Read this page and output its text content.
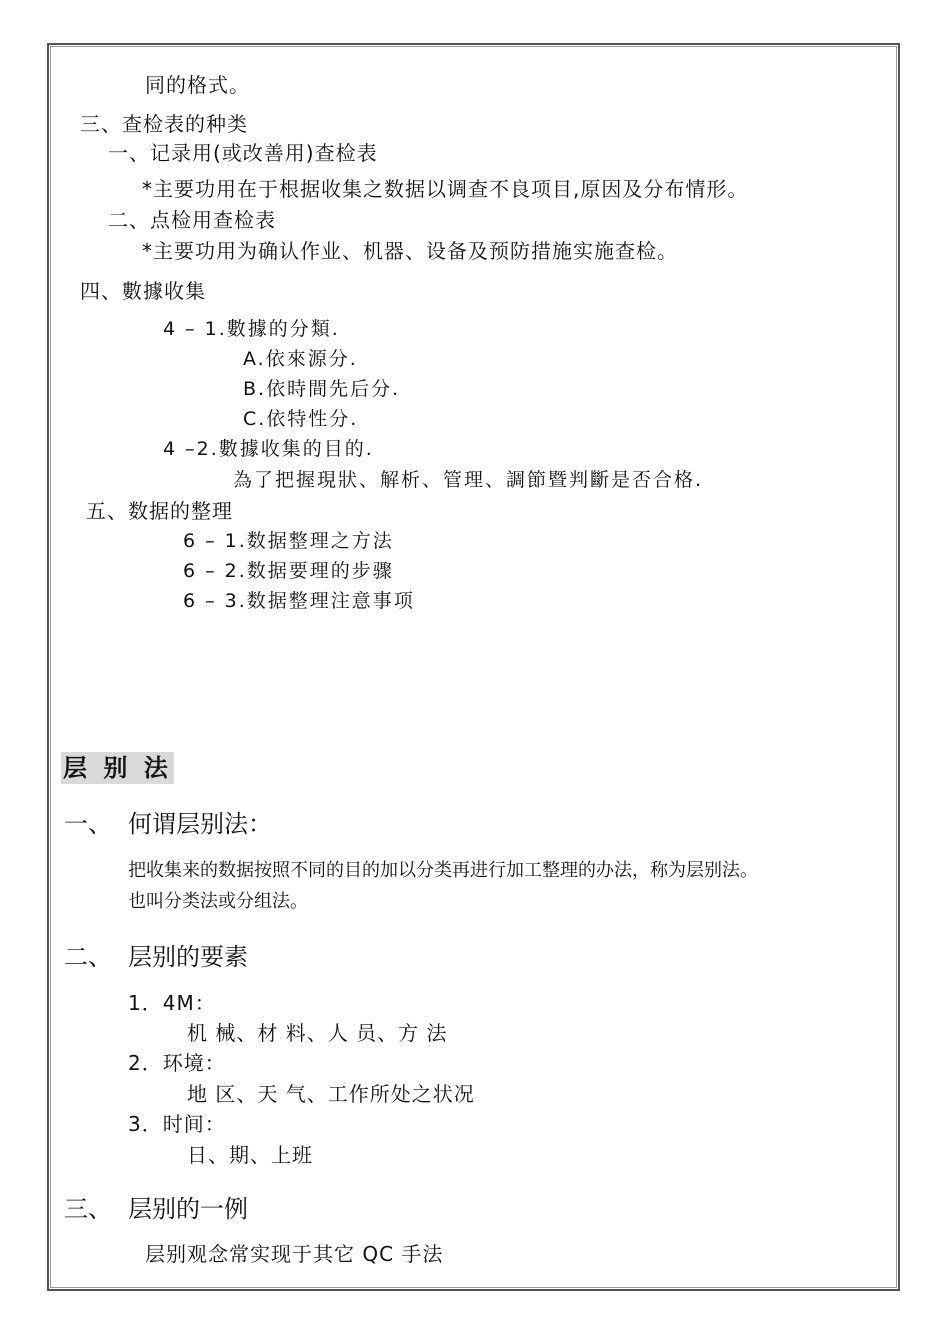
同的格式。
三、查检表的种类
一、记录用(或改善用)查检表
*主要功用在于根据收集之数据以调查不良项目,原因及分布情形。
二、点检用查检表
*主要功用为确认作业、机器、设备及预防措施实施查检。
四、數據收集
4 – 1.數據的分類.
A.依來源分.
B.依時間先后分.
C.依特性分.
4 –2.數據收集的目的.
為了把握現狀、解析、管理、調節暨判斷是否合格.
五、数据的整理
6 – 1.数据整理之方法
6 – 2.数据要理的步骤
6 – 3.数据整理注意事项
层 别 法
一、 何谓层别法：
把收集来的数据按照不同的目的加以分类再进行加工整理的办法，称为层别法。
也叫分类法或分组法。
二、 层别的要素
1．4M：
机 械、材 料、人 员、方 法
2．环境：
地 区、天 气、工作所处之状况
3．时间：
日、期、上班
三、 层别的一例
层别观念常实现于其它 QC 手法
